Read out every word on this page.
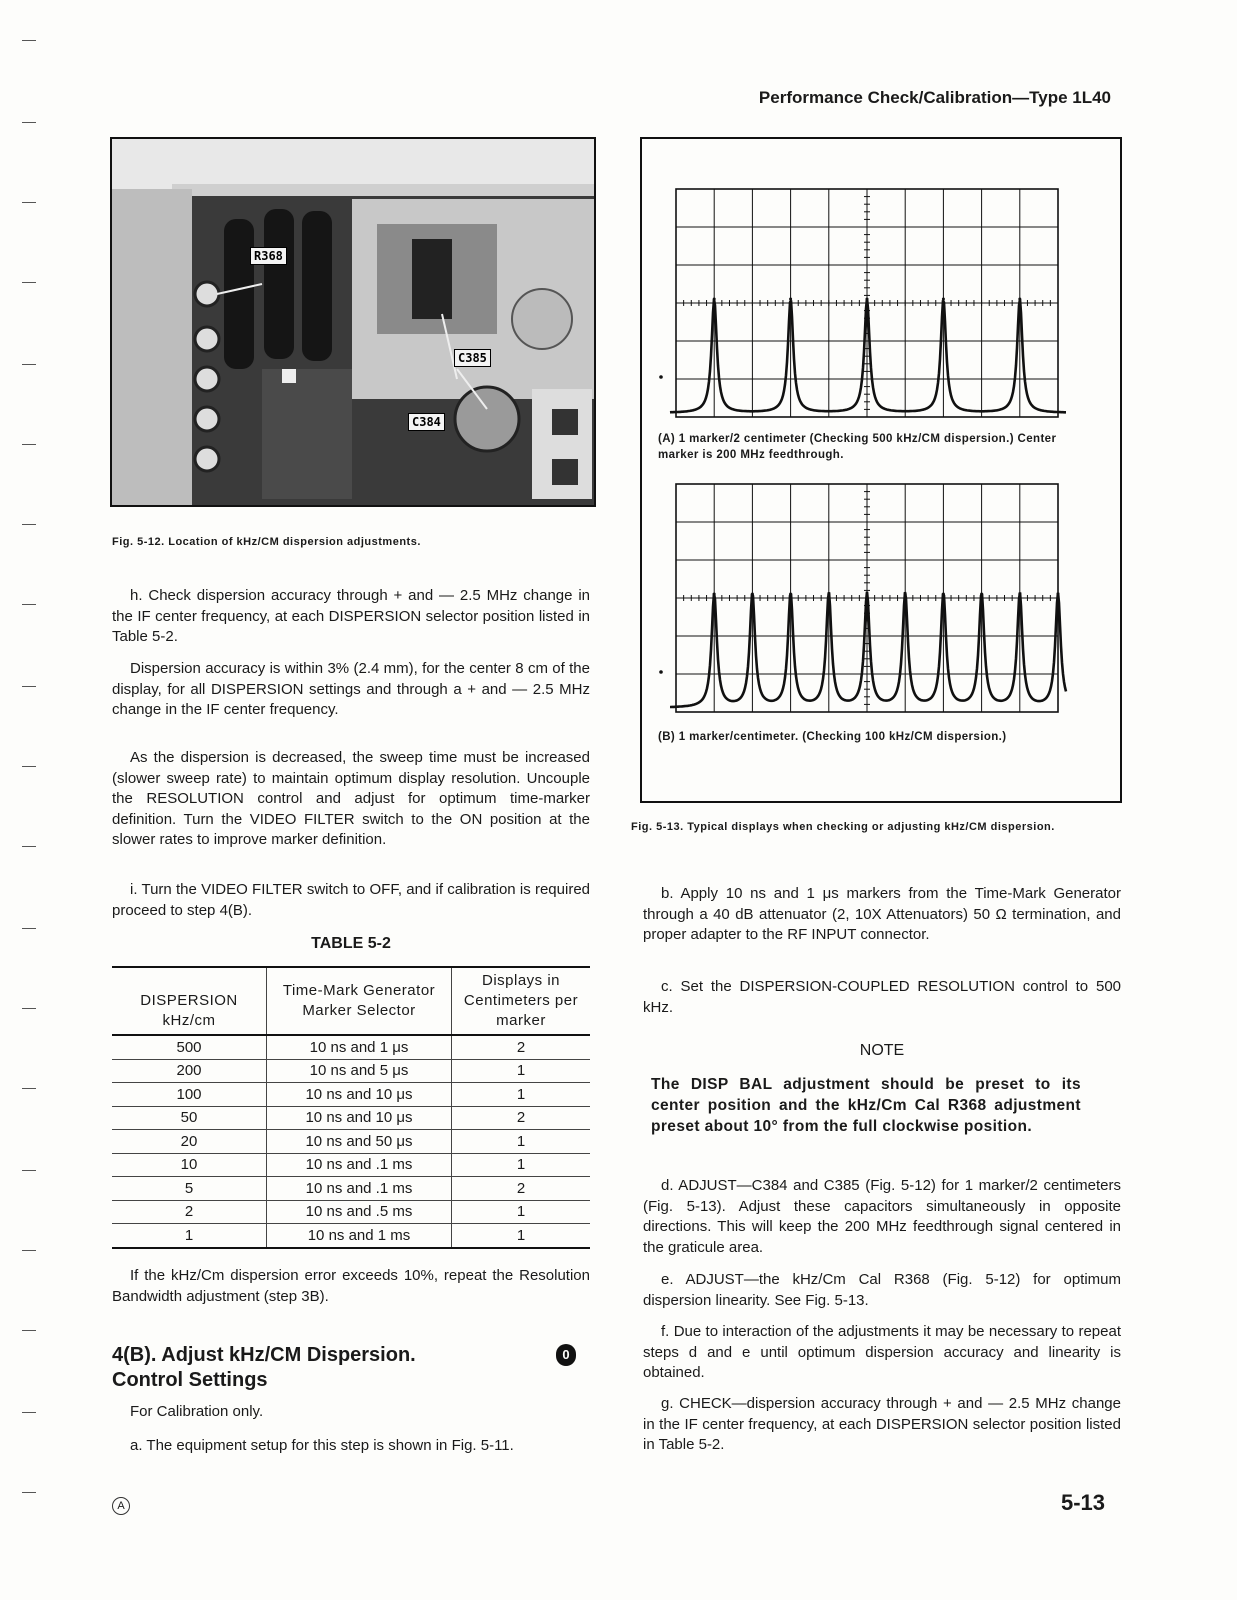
Performance Check/Calibration—Type 1L40
R368
C385
C384
Fig. 5-12. Location of kHz/CM dispersion adjustments.

h. Check dispersion accuracy through + and — 2.5 MHz change in the IF center frequency, at each DISPERSION selector position listed in Table 5-2.

Dispersion accuracy is within 3% (2.4 mm), for the center 8 cm of the display, for all DISPERSION settings and through a + and — 2.5 MHz change in the IF center frequency.

As the dispersion is decreased, the sweep time must be increased (slower sweep rate) to maintain optimum display resolution. Uncouple the RESOLUTION control and adjust for optimum time-marker definition. Turn the VIDEO FILTER switch to the ON position at the slower rates to improve marker definition.

i. Turn the VIDEO FILTER switch to OFF, and if calibration is required proceed to step 4(B).

TABLE 5-2
DISPERSION kHz/cm	Time-Mark Generator Marker Selector	Displays in Centimeters per marker
500	10 ns and 1 μs	2
200	10 ns and 5 μs	1
100	10 ns and 10 μs	1
50	10 ns and 10 μs	2
20	10 ns and 50 μs	1
10	10 ns and .1 ms	1
5	10 ns and .1 ms	2
2	10 ns and .5 ms	1
1	10 ns and 1 ms	1

If the kHz/Cm dispersion error exceeds 10%, repeat the Resolution Bandwidth adjustment (step 3B).

4(B). Adjust kHz/CM Dispersion.
Control Settings
0

For Calibration only.

a. The equipment setup for this step is shown in Fig. 5-11.

(A) 1 marker/2 centimeter (Checking 500 kHz/CM dispersion.) Center marker is 200 MHz feedthrough.
(B) 1 marker/centimeter. (Checking 100 kHz/CM dispersion.)
Fig. 5-13. Typical displays when checking or adjusting kHz/CM dispersion.

b. Apply 10 ns and 1 μs markers from the Time-Mark Generator through a 40 dB attenuator (2, 10X Attenuators) 50 Ω termination, and proper adapter to the RF INPUT connector.

c. Set the DISPERSION-COUPLED RESOLUTION control to 500 kHz.

NOTE

The DISP BAL adjustment should be preset to its center position and the kHz/Cm Cal R368 adjustment preset about 10° from the full clockwise position.

d. ADJUST—C384 and C385 (Fig. 5-12) for 1 marker/2 centimeters (Fig. 5-13). Adjust these capacitors simultaneously in opposite directions. This will keep the 200 MHz feedthrough signal centered in the graticule area.

e. ADJUST—the kHz/Cm Cal R368 (Fig. 5-12) for optimum dispersion linearity. See Fig. 5-13.

f. Due to interaction of the adjustments it may be necessary to repeat steps d and e until optimum dispersion accuracy and linearity is obtained.

g. CHECK—dispersion accuracy through + and — 2.5 MHz change in the IF center frequency, at each DISPERSION selector position listed in Table 5-2.

A	5-13
